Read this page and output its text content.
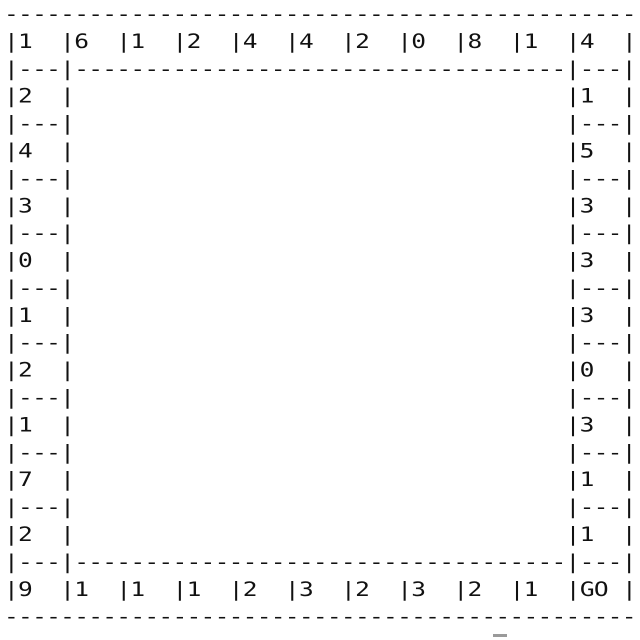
---------------------------------------------
|1  |6  |1  |2  |4  |4  |2  |0  |8  |1  |4  |
|---|-----------------------------------|---|
|2  |                                   |1  |
|---|                                   |---|
|4  |                                   |5  |
|---|                                   |---|
|3  |                                   |3  |
|---|                                   |---|
|0  |                                   |3  |
|---|                                   |---|
|1  |                                   |3  |
|---|                                   |---|
|2  |                                   |0  |
|---|                                   |---|
|1  |                                   |3  |
|---|                                   |---|
|7  |                                   |1  |
|---|                                   |---|
|2  |                                   |1  |
|---|-----------------------------------|---|
|9  |1  |1  |1  |2  |3  |2  |3  |2  |1  |GO |
---------------------------------------------
